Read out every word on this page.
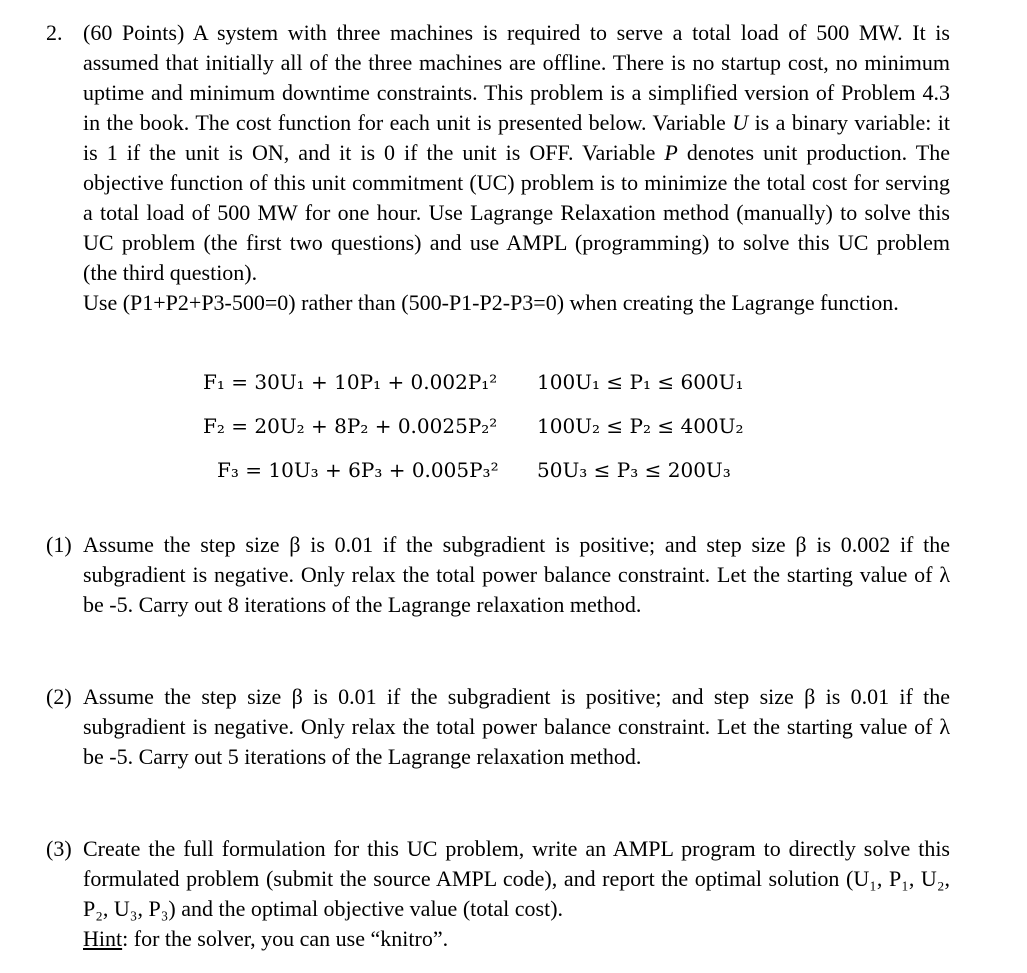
2. (60 Points) A system with three machines is required to serve a total load of 500 MW. It is assumed that initially all of the three machines are offline. There is no startup cost, no minimum uptime and minimum downtime constraints. This problem is a simplified version of Problem 4.3 in the book. The cost function for each unit is presented below. Variable U is a binary variable: it is 1 if the unit is ON, and it is 0 if the unit is OFF. Variable P denotes unit production. The objective function of this unit commitment (UC) problem is to minimize the total cost for serving a total load of 500 MW for one hour. Use Lagrange Relaxation method (manually) to solve this UC problem (the first two questions) and use AMPL (programming) to solve this UC problem (the third question).

Use (P1+P2+P3-500=0) rather than (500-P1-P2-P3=0) when creating the Lagrange function.

F₁ = 30U₁ + 10P₁ + 0.002P₁² 100U₁ ≤ P₁ ≤ 600U₁
F₂ = 20U₂ + 8P₂ + 0.0025P₂² 100U₂ ≤ P₂ ≤ 400U₂
F₃ = 10U₃ + 6P₃ + 0.005P₃² 50U₃ ≤ P₃ ≤ 200U₃
(1) Assume the step size β is 0.01 if the subgradient is positive; and step size β is 0.002 if the subgradient is negative. Only relax the total power balance constraint. Let the starting value of λ be -5. Carry out 8 iterations of the Lagrange relaxation method.
(2) Assume the step size β is 0.01 if the subgradient is positive; and step size β is 0.01 if the subgradient is negative. Only relax the total power balance constraint. Let the starting value of λ be -5. Carry out 5 iterations of the Lagrange relaxation method.
(3) Create the full formulation for this UC problem, write an AMPL program to directly solve this formulated problem (submit the source AMPL code), and report the optimal solution (U₁, P₁, U₂, P₂, U₃, P₃) and the optimal objective value (total cost).
Hint: for the solver, you can use “knitro”.
